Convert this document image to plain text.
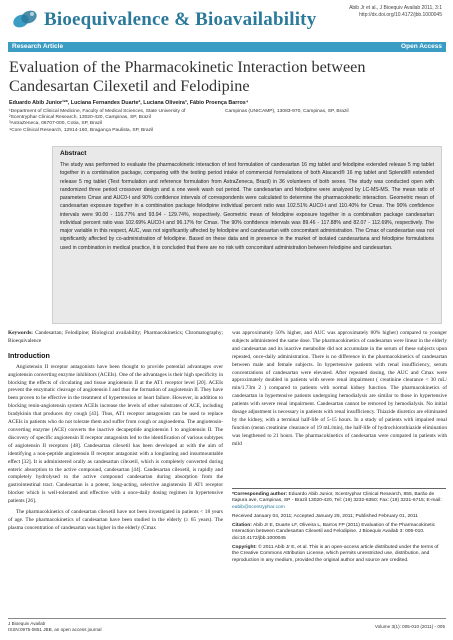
Bioequivalence & Bioavailability
Abib Jr et al., J Bioequiv Availab 2011, 3:1
http://dx.doi.org/10.4172/jbb.1000045
Research Article	Open Access
Evaluation of the Pharmacokinetic Interaction between Candesartan Cilexetil and Felodipine
Eduardo Abib Junior¹²*, Luciana Fernandes Duarte², Luciana Oliveira³, Fábio Proença Barros⁴
¹Department of Clinical Medicine, Faculty of Medical Sciences, State University of
²Scentryphar Clinical Research, 13020-420, Campinas, SP, Brazil
³AstraZeneca, 06707-000, Cotia, SP, Brazil
⁴Core Clinical Research, 12914-160, Bragança Paulista, SP, Brazil
Campinas (UNICAMP), 13083-970, Campinas, SP, Brazil
Abstract
The study was performed to evaluate the pharmacokinetic interaction of test formulation of candesartan 16 mg tablet and felodipine extended release 5 mg tablet together in a combination package, comparing with the testing period intake of commercial formulations of both Atacand® 16 mg tablet and Splendil® extended release 5 mg tablet (Test formulation and reference formulation from AstraZeneca, Brazil) in 36 volunteers of both sexes. The study was conducted open with randomized three period crossover design and a one week wash out period. The candesartan and felodipine were analyzed by LC-MS-MS. The mean ratio of parameters Cmax and AUC0-t and 90% confidence intervals of correspondents were calculated to determine the pharmacokinetic interaction. Geometric mean of candesartan exposure together in a combination package felodipine individual percent ratio was 102.51% AUC0-t and 110.40% for Cmax. The 90% confidence intervals were 90.00 - 116.77% and 93.94 - 129.74%, respectively. Geometric mean of felodipine exposure together in a combination package candesartan individual percent ratio was 102.69% AUC0-t and 96.17% for Cmax. The 90% confidence intervals was 89.46 - 117.88% and 82.07 - 112.69%, respectively. The major variable in this respect, AUC, was not significantly affected by felodipine and candesartan with concomitant administration. The Cmax of candesartan was not significantly affected by co-administration of felodipine. Based on these data and in presence in the market of isolated candesartana and felodipine formulations used in combination in medical practice, it is concluded that there are no risk with concomitant administration between felodipine and candesartan.
Keywords: Candesartan; Felodipine; Biological availability; Pharmacokinetics; Chromatography; Bioequivalence
Introduction
Angiotensin II receptor antagonists have been thought to provide potential advantages over angiotensin converting enzyme inhibitors (ACEIs). One of the advantages is their high specificity in blocking the effects of circulating and tissue angiotensin II at the AT1 receptor level [20]. ACEIs prevent the enzymatic cleavage of angiotensin I and thus the formation of angiotensin II. They have been proven to be effective in the treatment of hypertension or heart failure. However, in addition to blocking renin-angiotensin system ACEIs increase the levels of other substrates of ACE, including bradykinin that produces dry cough [43]. Thus, AT1 receptor antagonists can be used to replace ACEIs in patients who do not tolerate them and suffer from cough or angioedema. The angiotensin-converting enzyme (ACE) converts the inactive decapeptide angiotensin I to angiotensin II. The discovery of specific angiotensin II receptor antagonists led to the identification of various subtypes of angiotensin II receptors [48]. Candesartan cilexetil has been developed at with the aim of identifying a non-peptide angiotensin II receptor antagonist with a longlasting and insurmountable effect [32]. It is administered orally as candesartan cilexetil, which is completely converted during enteric absorption to the active compound, candesartan [44]. Candesartan cilexetil, is rapidly and completely hydrolysed to the active compound candesartan during absorption from the gastrointestinal tract. Candesartan is a potent, long-acting, selective angiotensin II AT1 receptor blocker which is well-tolerated and effective with a once-daily dosing regimen in hypertensive patients [26].
The pharmacokinetics of candesartan cilexetil have not been investigated in patients < 18 years of age. The pharmacokinetics of candesartan have been studied in the elderly (≥ 65 years). The plasma concentration of candesartan was higher in the elderly (Cmax
was approximately 50% higher, and AUC was approximately 80% higher) compared to younger subjects administered the same dose. The pharmacokinetics of candesartan were linear in the elderly and candesartan and its inactive metabolite did not accumulate in the serum of these subjects upon repeated, once-daily administration. There is no difference in the pharmacokinetics of candesartan between male and female subjects. In hypertensive patients with renal insufficiency, serum concentrations of candesartan were elevated. After repeated dosing, the AUC and Cmax were approximately doubled in patients with severe renal impairment ( creatinine clearance < 30 mL/ min/1.73m 2 ) compared to patients with normal kidney function. The pharmacokinetics of candesartan in hypertensive patients undergoing hemodialysis are similar to those in hypertensive patients with severe renal impairment. Candesartan cannot be removed by hemodialysis. No initial dosage adjustment is necessary in patients with renal insufficiency. Thiazide diuretics are eliminated by the kidney, with a terminal half-life of 5-15 hours. In a study of patients with impaired renal function (mean creatinine clearance of 19 mL/min), the half-life of hydrochlorothiazide elimination was lengthened to 21 hours. The pharmacokinetics of candesartan were compared in patients with mild
*Corresponding author: Eduardo Abib Junior, Scentryphar Clinical Research, 855, Barão de Itapura ave, Campinas, SP - Brazil 13020-420, Tel: (19) 3232-6350; Fax: (19) 3231-6715; E-mail: eabib@scentryphar.com
Received January 04, 2011; Accepted January 25, 2011; Published February 01, 2011
Citation: Abib Jr E, Duarte LF, Oliveira L, Barros FP (2011) Evaluation of the Pharmacokinetic Interaction between Candesartan Cilexetil and Felodipine. J Bioequiv Availab 3: 005-010. doi:10.4172/jbb.1000045
Copyright: © 2011 Abib Jr E, et al. This is an open-access article distributed under the terms of the Creative Commons Attribution License, which permits unrestricted use, distribution, and reproduction in any medium, provided the original author and source are credited.
J Bioequiv Availab
ISSN:0975-0851 JBB, an open access journal
Volume 3(1): 005-010 (2011) - 005
